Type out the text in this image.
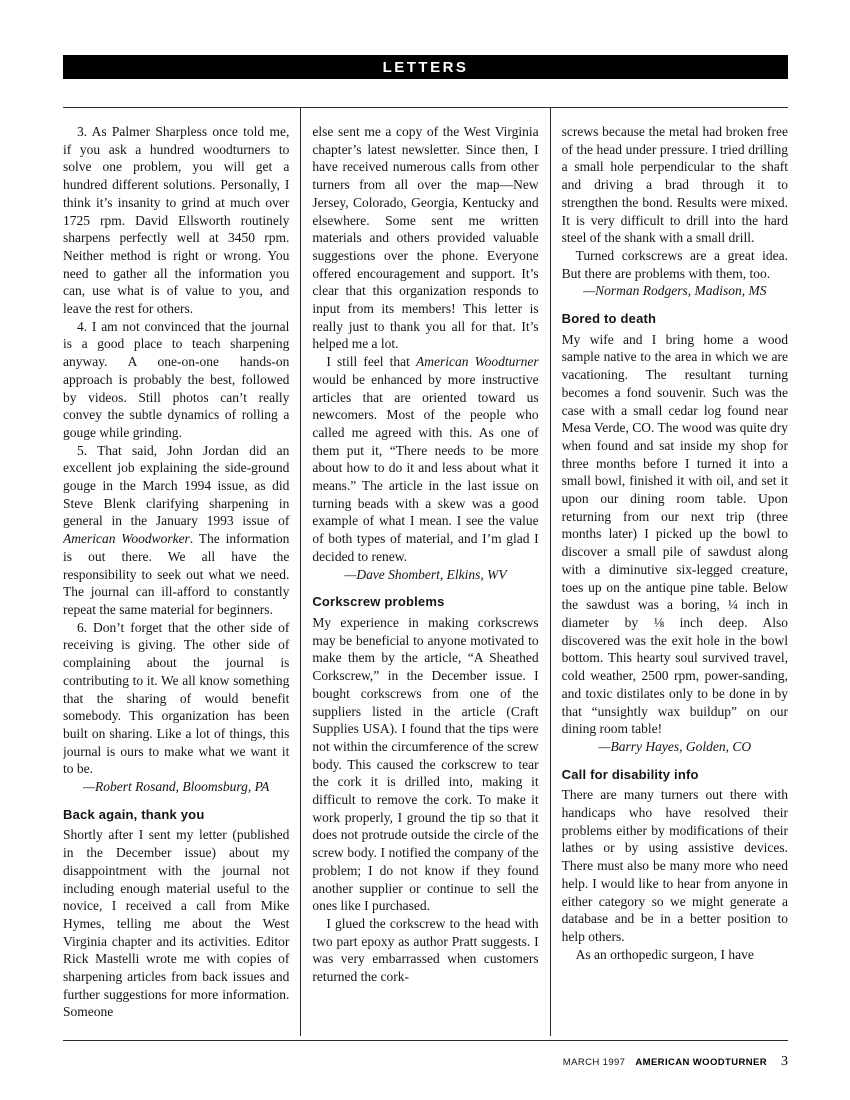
LETTERS

3. As Palmer Sharpless once told me, if you ask a hundred woodturners to solve one problem, you will get a hundred different solutions. Personally, I think it’s insanity to grind at much over 1725 rpm. David Ellsworth routinely sharpens perfectly well at 3450 rpm. Neither method is right or wrong. You need to gather all the information you can, use what is of value to you, and leave the rest for others.

4. I am not convinced that the journal is a good place to teach sharpening anyway. A one-on-one hands-on approach is probably the best, followed by videos. Still photos can’t really convey the subtle dynamics of rolling a gouge while grinding.

5. That said, John Jordan did an excellent job explaining the side-ground gouge in the March 1994 issue, as did Steve Blenk clarifying sharpening in general in the January 1993 issue of American Woodworker. The information is out there. We all have the responsibility to seek out what we need. The journal can ill-afford to constantly repeat the same material for beginners.

6. Don’t forget that the other side of receiving is giving. The other side of complaining about the journal is contributing to it. We all know something that the sharing of would benefit somebody. This organization has been built on sharing. Like a lot of things, this journal is ours to make what we want it to be.

—Robert Rosand, Bloomsburg, PA

Back again, thank you

Shortly after I sent my letter (published in the December issue) about my disappointment with the journal not including enough material useful to the novice, I received a call from Mike Hymes, telling me about the West Virginia chapter and its activities. Editor Rick Mastelli wrote me with copies of sharpening articles from back issues and further suggestions for more information. Someone

else sent me a copy of the West Virginia chapter’s latest newsletter. Since then, I have received numerous calls from other turners from all over the map—New Jersey, Colorado, Georgia, Kentucky and elsewhere. Some sent me written materials and others provided valuable suggestions over the phone. Everyone offered encouragement and support. It’s clear that this organization responds to input from its members! This letter is really just to thank you all for that. It’s helped me a lot.

I still feel that American Woodturner would be enhanced by more instructive articles that are oriented toward us newcomers. Most of the people who called me agreed with this. As one of them put it, “There needs to be more about how to do it and less about what it means.” The article in the last issue on turning beads with a skew was a good example of what I mean. I see the value of both types of material, and I’m glad I decided to renew.

—Dave Shombert, Elkins, WV

Corkscrew problems

My experience in making corkscrews may be beneficial to anyone motivated to make them by the article, “A Sheathed Corkscrew,” in the December issue. I bought corkscrews from one of the suppliers listed in the article (Craft Supplies USA). I found that the tips were not within the circumference of the screw body. This caused the corkscrew to tear the cork it is drilled into, making it difficult to remove the cork. To make it work properly, I ground the tip so that it does not protrude outside the circle of the screw body. I notified the company of the problem; I do not know if they found another supplier or continue to sell the ones like I purchased.

I glued the corkscrew to the head with two part epoxy as author Pratt suggests. I was very embarrassed when customers returned the cork-

screws because the metal had broken free of the head under pressure. I tried drilling a small hole perpendicular to the shaft and driving a brad through it to strengthen the bond. Results were mixed. It is very difficult to drill into the hard steel of the shank with a small drill.

Turned corkscrews are a great idea. But there are problems with them, too.

—Norman Rodgers, Madison, MS

Bored to death

My wife and I bring home a wood sample native to the area in which we are vacationing. The resultant turning becomes a fond souvenir. Such was the case with a small cedar log found near Mesa Verde, CO. The wood was quite dry when found and sat inside my shop for three months before I turned it into a small bowl, finished it with oil, and set it upon our dining room table. Upon returning from our next trip (three months later) I picked up the bowl to discover a small pile of sawdust along with a diminutive six-legged creature, toes up on the antique pine table. Below the sawdust was a boring, ¼ inch in diameter by ⅛ inch deep. Also discovered was the exit hole in the bowl bottom. This hearty soul survived travel, cold weather, 2500 rpm, power-sanding, and toxic distilates only to be done in by that “unsightly wax buildup” on our dining room table!

—Barry Hayes, Golden, CO

Call for disability info

There are many turners out there with handicaps who have resolved their problems either by modifications of their lathes or by using assistive devices. There must also be many more who need help. I would like to hear from anyone in either category so we might generate a database and be in a better position to help others.

As an orthopedic surgeon, I have

MARCH 1997 AMERICAN WOODTURNER 3
